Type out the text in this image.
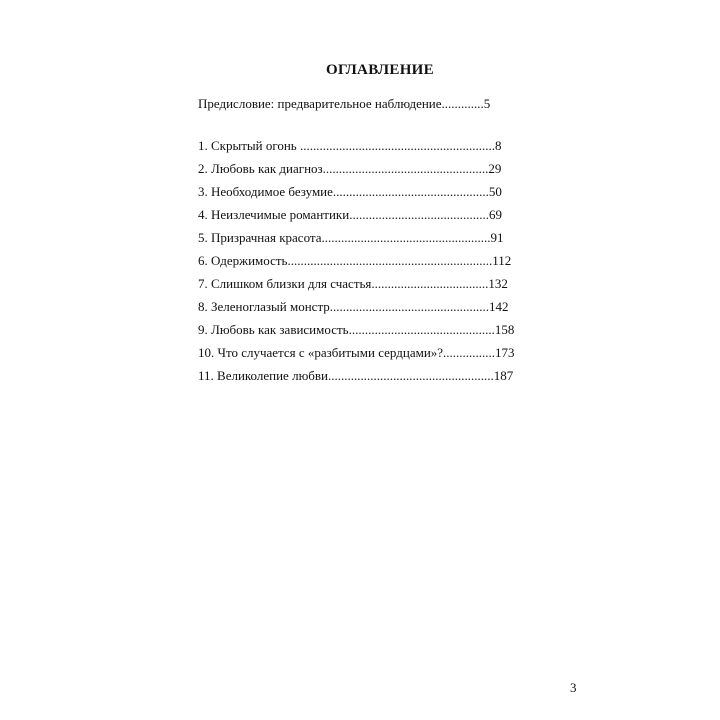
ОГЛАВЛЕНИЕ
Предисловие: предварительное наблюдение.............5
1. Скрытый огонь ............................................................8
2. Любовь как диагноз...................................................29
3. Необходимое безумие................................................50
4. Неизлечимые романтики...........................................69
5. Призрачная красота....................................................91
6. Одержимость...............................................................112
7. Слишком близки для счастья....................................132
8. Зеленоглазый монстр.................................................142
9. Любовь как зависимость.............................................158
10. Что случается с «разбитыми сердцами»?................173
11. Великолепие любви...................................................187
3
